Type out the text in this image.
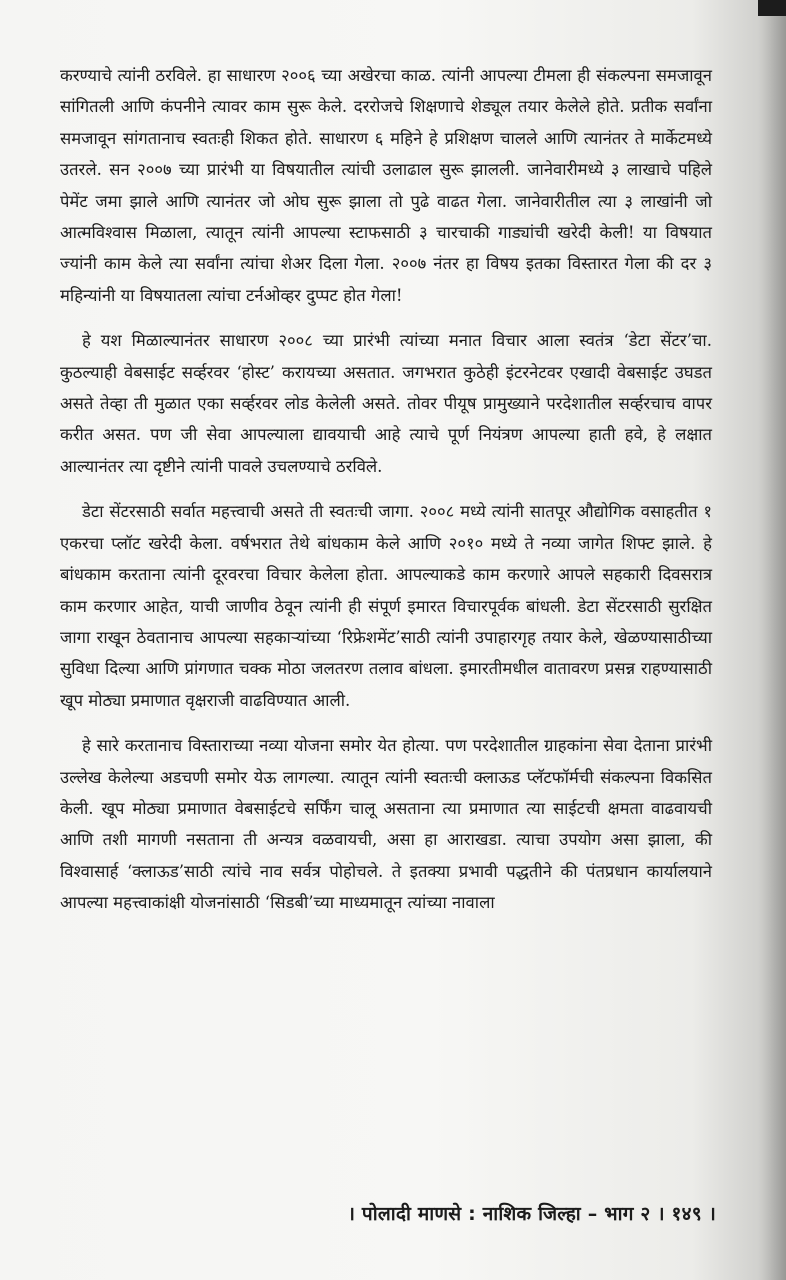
करण्याचे त्यांनी ठरविले. हा साधारण २००६ च्या अखेरचा काळ. त्यांनी आपल्या टीमला ही संकल्पना समजावून सांगितली आणि कंपनीने त्यावर काम सुरू केले. दररोजचे शिक्षणाचे शेड्यूल तयार केलेले होते. प्रतीक सर्वांना समजावून सांगतानाच स्वतःही शिकत होते. साधारण ६ महिने हे प्रशिक्षण चालले आणि त्यानंतर ते मार्केटमध्ये उतरले. सन २००७ च्या प्रारंभी या विषयातील त्यांची उलाढाल सुरू झालली. जानेवारीमध्ये ३ लाखाचे पहिले पेमेंट जमा झाले आणि त्यानंतर जो ओघ सुरू झाला तो पुढे वाढत गेला. जानेवारीतील त्या ३ लाखांनी जो आत्मविश्वास मिळाला, त्यातून त्यांनी आपल्या स्टाफसाठी ३ चारचाकी गाड्यांची खरेदी केली! या विषयात ज्यांनी काम केले त्या सर्वांना त्यांचा शेअर दिला गेला. २००७ नंतर हा विषय इतका विस्तारत गेला की दर ३ महिन्यांनी या विषयातला त्यांचा टर्नओव्हर दुप्पट होत गेला!

हे यश मिळाल्यानंतर साधारण २००८ च्या प्रारंभी त्यांच्या मनात विचार आला स्वतंत्र ‘डेटा सेंटर’चा. कुठल्याही वेबसाईट सर्व्हरवर ‘होस्ट’ करायच्या असतात. जगभरात कुठेही इंटरनेटवर एखादी वेबसाईट उघडत असते तेव्हा ती मुळात एका सर्व्हरवर लोड केलेली असते. तोवर पीयूष प्रामुख्याने परदेशातील सर्व्हरचाच वापर करीत असत. पण जी सेवा आपल्याला द्यावयाची आहे त्याचे पूर्ण नियंत्रण आपल्या हाती हवे, हे लक्षात आल्यानंतर त्या दृष्टीने त्यांनी पावले उचलण्याचे ठरविले.

डेटा सेंटरसाठी सर्वात महत्त्वाची असते ती स्वतःची जागा. २००८ मध्ये त्यांनी सातपूर औद्योगिक वसाहतीत १ एकरचा प्लॉट खरेदी केला. वर्षभरात तेथे बांधकाम केले आणि २०१० मध्ये ते नव्या जागेत शिफ्ट झाले. हे बांधकाम करताना त्यांनी दूरवरचा विचार केलेला होता. आपल्याकडे काम करणारे आपले सहकारी दिवसरात्र काम करणार आहेत, याची जाणीव ठेवून त्यांनी ही संपूर्ण इमारत विचारपूर्वक बांधली. डेटा सेंटरसाठी सुरक्षित जागा राखून ठेवतानाच आपल्या सहकाऱ्यांच्या ‘रिफ्रेशमेंट’साठी त्यांनी उपाहारगृह तयार केले, खेळण्यासाठीच्या सुविधा दिल्या आणि प्रांगणात चक्क मोठा जलतरण तलाव बांधला. इमारतीमधील वातावरण प्रसन्न राहण्यासाठी खूप मोठ्या प्रमाणात वृक्षराजी वाढविण्यात आली.

हे सारे करतानाच विस्ताराच्या नव्या योजना समोर येत होत्या. पण परदेशातील ग्राहकांना सेवा देताना प्रारंभी उल्लेख केलेल्या अडचणी समोर येऊ लागल्या. त्यातून त्यांनी स्वतःची क्लाऊड प्लॅटफॉर्मची संकल्पना विकसित केली. खूप मोठ्या प्रमाणात वेबसाईटचे सर्फिंग चालू असताना त्या प्रमाणात त्या साईटची क्षमता वाढवायची आणि तशी मागणी नसताना ती अन्यत्र वळवायची, असा हा आराखडा. त्याचा उपयोग असा झाला, की विश्वासार्ह ‘क्लाऊड’साठी त्यांचे नाव सर्वत्र पोहोचले. ते इतक्या प्रभावी पद्धतीने की पंतप्रधान कार्यालयाने आपल्या महत्त्वाकांक्षी योजनांसाठी ‘सिडबी’च्या माध्यमातून त्यांच्या नावाला

। पोलादी माणसे : नाशिक जिल्हा – भाग २ । १४९ ।
